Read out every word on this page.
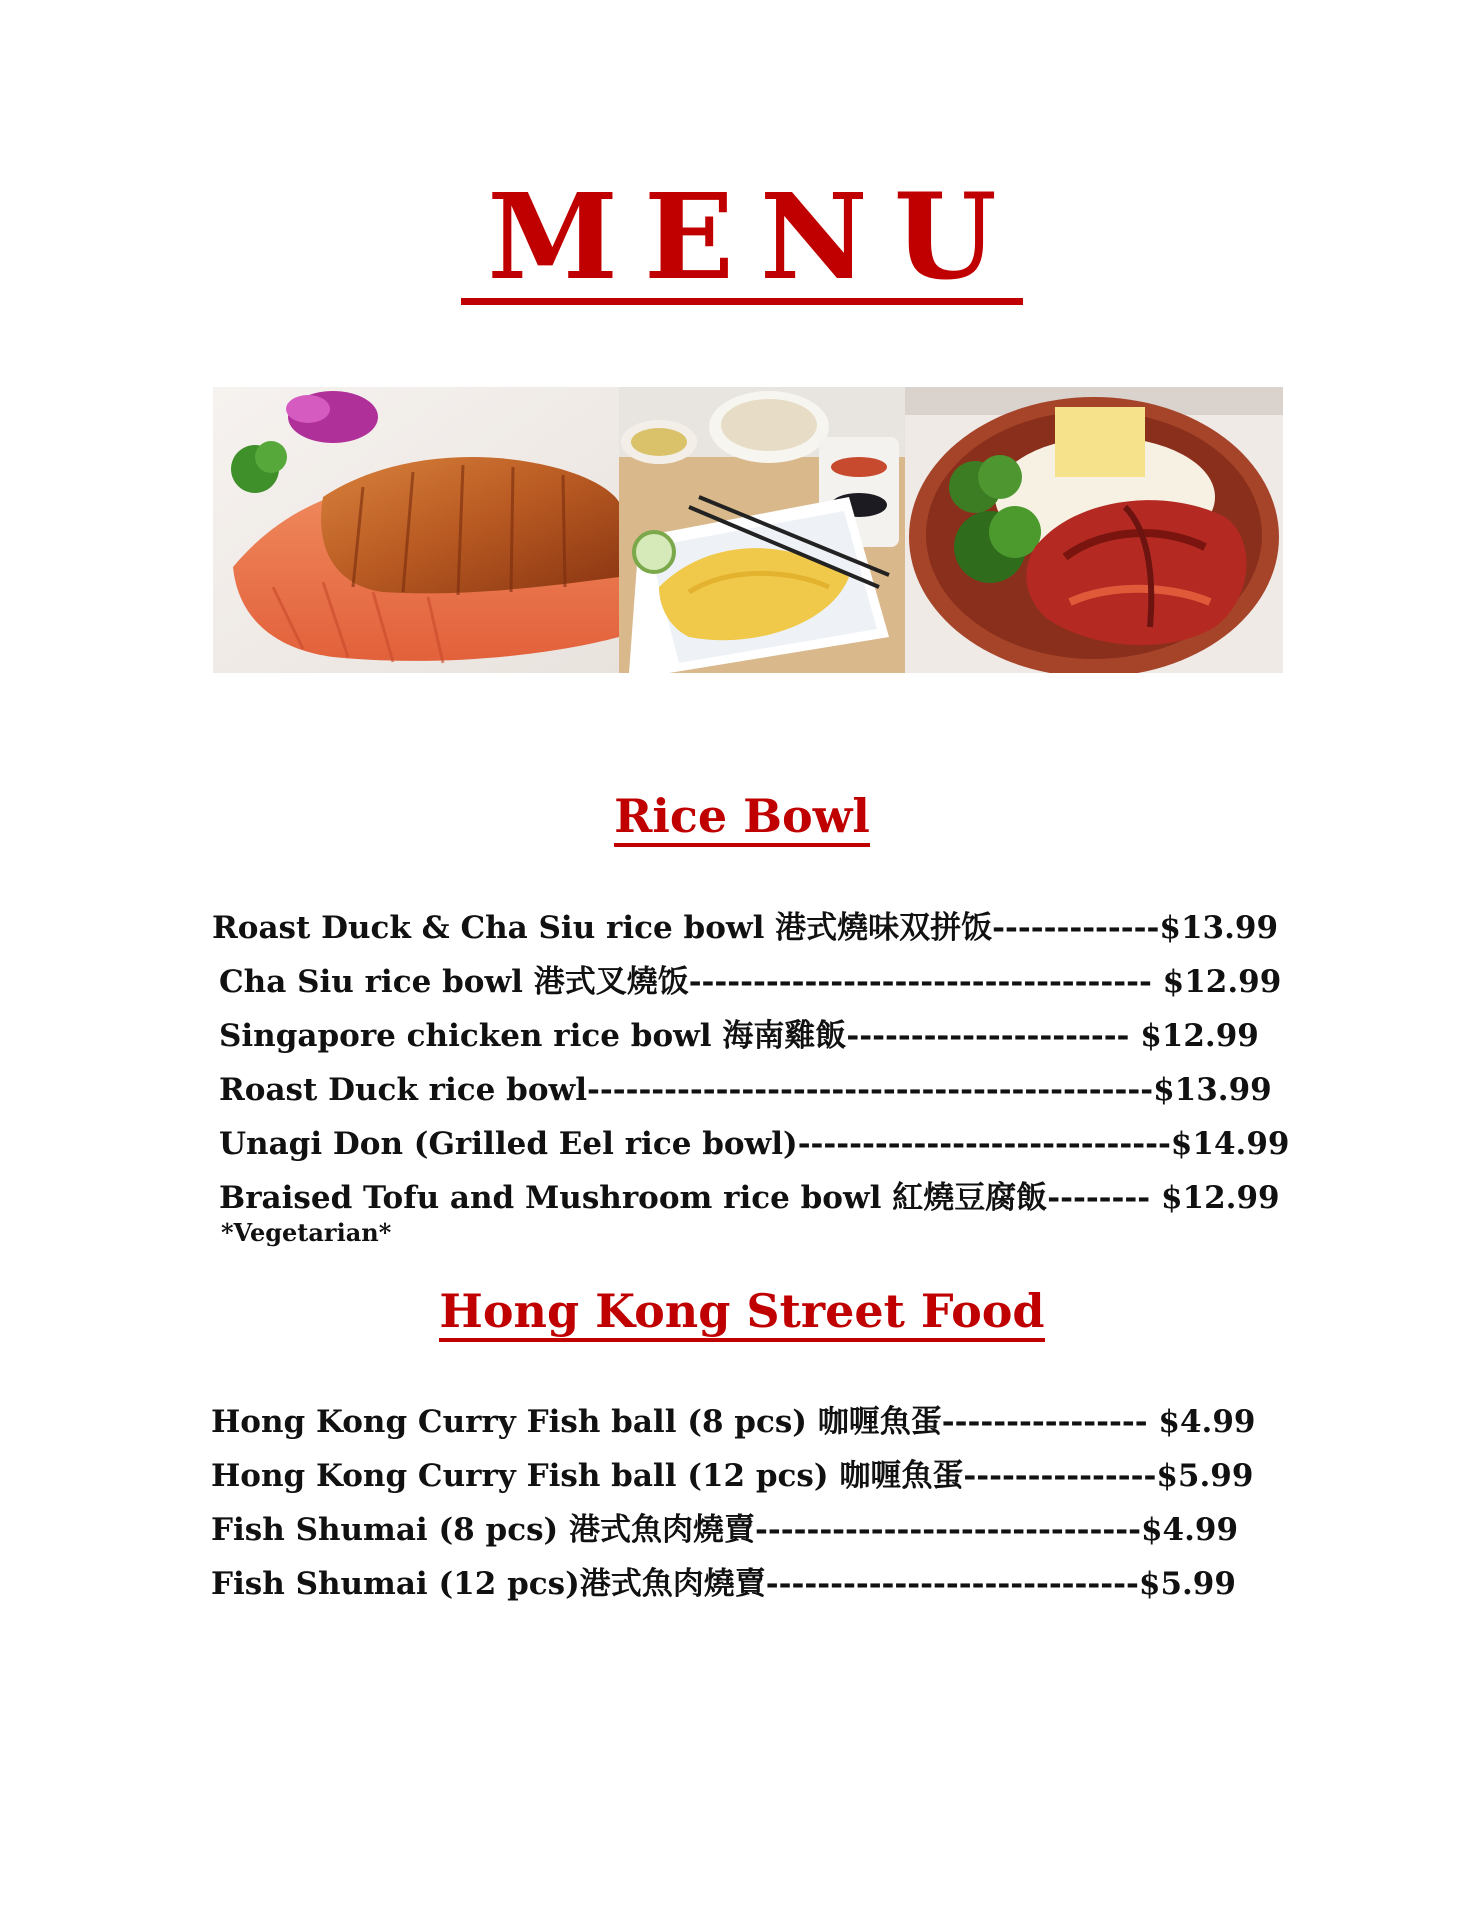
MENU
Rice Bowl
Roast Duck & Cha Siu rice bowl 港式燒味双拼饭-------------$13.99
Cha Siu rice bowl 港式叉燒饭------------------------------------ $12.99
Singapore chicken rice bowl 海南雞飯---------------------- $12.99
Roast Duck rice bowl--------------------------------------------$13.99
Unagi Don (Grilled Eel rice bowl)-----------------------------$14.99
Braised Tofu and Mushroom rice bowl 紅燒豆腐飯-------- $12.99
*Vegetarian*
Hong Kong Street Food
Hong Kong Curry Fish ball (8 pcs) 咖喱魚蛋---------------- $4.99
Hong Kong Curry Fish ball (12 pcs) 咖喱魚蛋---------------$5.99
Fish Shumai (8 pcs) 港式魚肉燒賣------------------------------$4.99
Fish Shumai (12 pcs)港式魚肉燒賣-----------------------------$5.99
